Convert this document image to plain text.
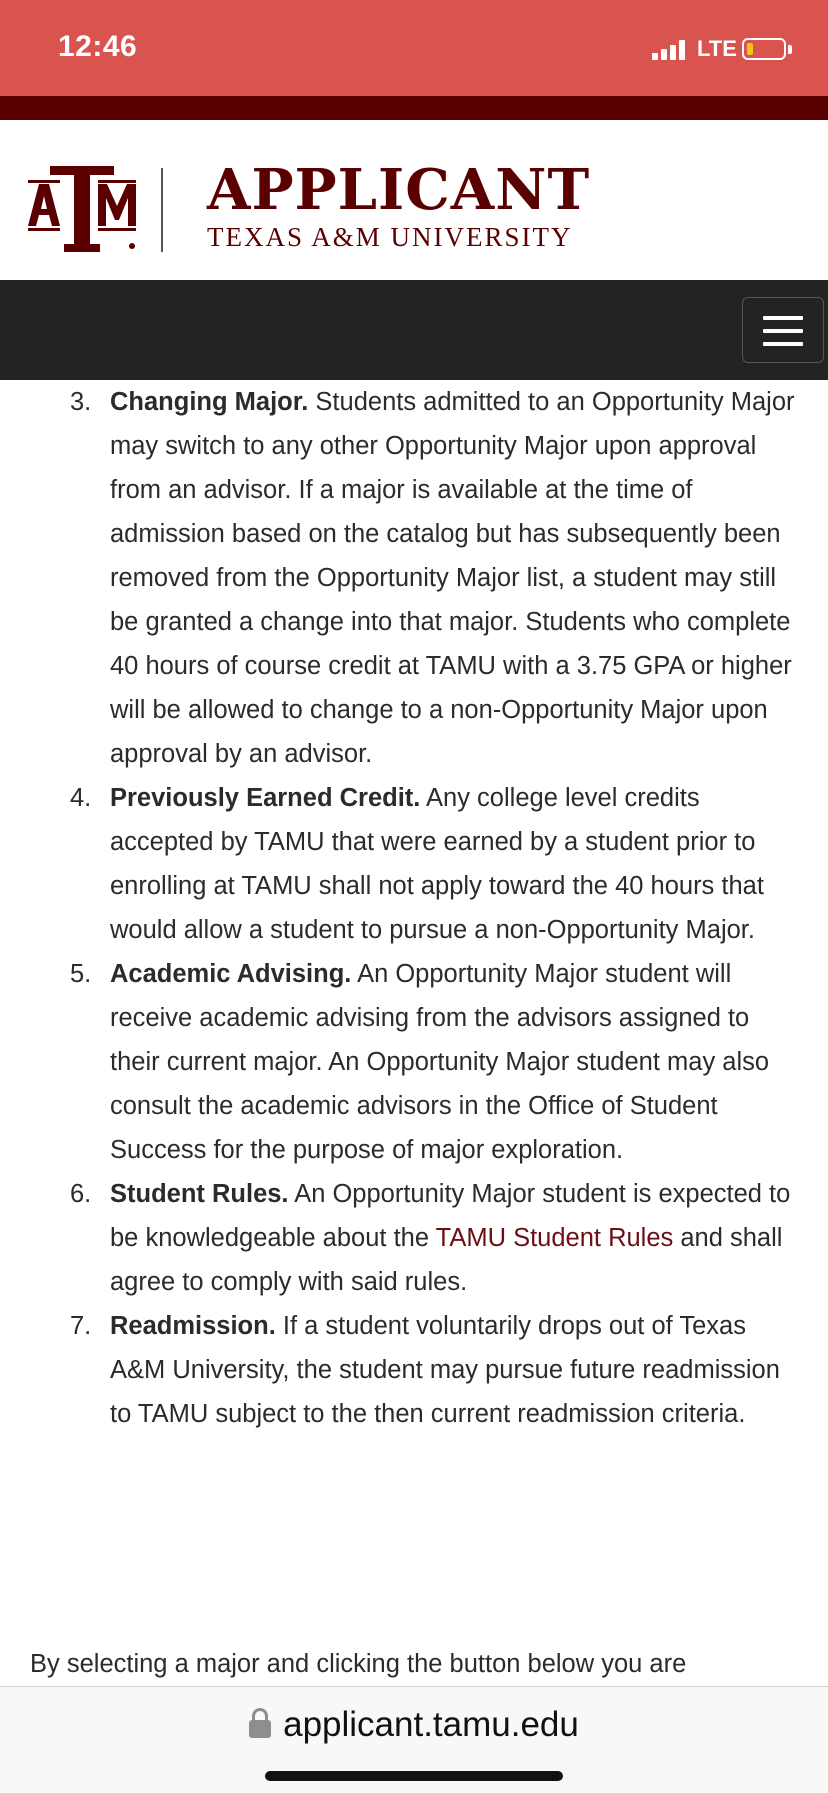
12:46	LTE
APPLICANT
TEXAS A&M UNIVERSITY
3. Changing Major. Students admitted to an Opportunity Major may switch to any other Opportunity Major upon approval from an advisor. If a major is available at the time of admission based on the catalog but has subsequently been removed from the Opportunity Major list, a student may still be granted a change into that major. Students who complete 40 hours of course credit at TAMU with a 3.75 GPA or higher will be allowed to change to a non-Opportunity Major upon approval by an advisor.
4. Previously Earned Credit. Any college level credits accepted by TAMU that were earned by a student prior to enrolling at TAMU shall not apply toward the 40 hours that would allow a student to pursue a non-Opportunity Major.
5. Academic Advising. An Opportunity Major student will receive academic advising from the advisors assigned to their current major. An Opportunity Major student may also consult the academic advisors in the Office of Student Success for the purpose of major exploration.
6. Student Rules. An Opportunity Major student is expected to be knowledgeable about the TAMU Student Rules and shall agree to comply with said rules.
7. Readmission. If a student voluntarily drops out of Texas A&M University, the student may pursue future readmission to TAMU subject to the then current readmission criteria.
By selecting a major and clicking the button below you are
applicant.tamu.edu
